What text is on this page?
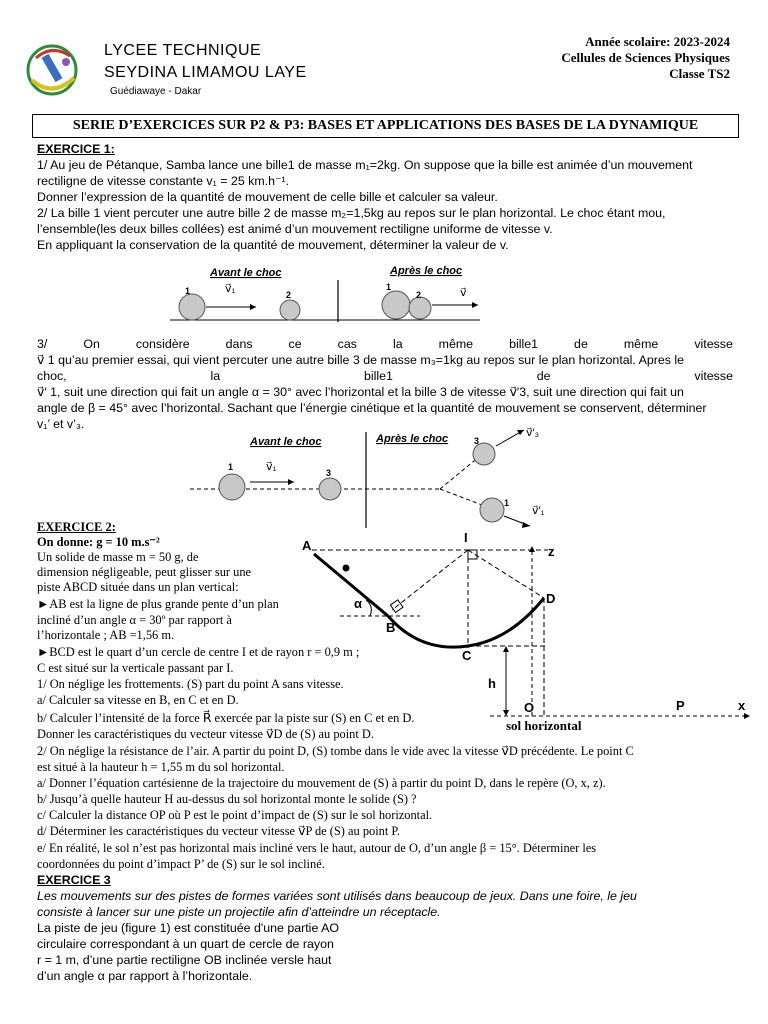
LYCEE TECHNIQUE
SEYDINA LIMAMOU LAYE
Guédiawaye - Dakar
Année scolaire: 2023-2024
Cellules de Sciences Physiques
Classe TS2
SERIE D’EXERCICES SUR P2 & P3: BASES ET APPLICATIONS DES BASES DE LA DYNAMIQUE
EXERCICE 1:
1/ Au jeu de Pétanque, Samba lance une bille1 de masse m₁=2kg. On suppose que la bille est animée d’un mouvement
rectiligne de vitesse constante v₁ = 25 km.h⁻¹.
Donner l’expression de la quantité de mouvement de celle bille et calculer sa valeur.
2/ La bille 1 vient percuter une autre bille 2 de masse m₂=1,5kg au repos sur le plan horizontal. Le choc étant mou,
l’ensemble(les deux billes collées) est animé d’un mouvement rectiligne uniforme de vitesse v.
En appliquant la conservation de la quantité de mouvement, déterminer la valeur de v.
Avant le choc	Après le choc
1	v⃗₁	2
1
2	v⃗
3/	On	considère	dans	ce	cas	la	même	bille1	de	même	vitesse
v⃗ 1 qu’au premier essai, qui vient percuter une autre bille 3 de masse m₃=1kg au repos sur le plan horizontal. Apres le
choc,	la	bille1	de	vitesse
v⃗′ 1, suit une direction qui fait un angle α = 30° avec l’horizontal et la bille 3 de vitesse v⃗′3, suit une direction qui fait un
angle de β = 45° avec l’horizontal. Sachant que l’énergie cinétique et la quantité de mouvement se conservent, déterminer
v₁’ et v’₃.
Avant le choc	Après le choc
1	v⃗₁	3
3
v⃗′₃
1
v⃗′₁
EXERCICE 2:
On donne: g = 10 m.s⁻²
Un solide de masse m = 50 g, de
dimension négligeable, peut glisser sur une
piste ABCD située dans un plan vertical:
►AB est la ligne de plus grande pente d’un plan
incliné d’un angle α = 30º par rapport à
l’horizontale ; AB =1,56 m.
►BCD est le quart d’un cercle de centre I et de rayon r = 0,9 m ;
C est situé sur la verticale passant par I.
1/ On néglige les frottements. (S) part du point A sans vitesse.
a/ Calculer sa vitesse en B, en C et en D.
b/ Calculer l’intensité de la force R⃗ exercée par la piste sur (S) en C et en D.
Donner les caractéristiques du vecteur vitesse v⃗D de (S) au point D.
2/ On néglige la résistance de l’air. A partir du point D, (S) tombe dans le vide avec la vitesse v⃗D précédente. Le point C
est situé à la hauteur h = 1,55 m du sol horizontal.
a/ Donner l’équation cartésienne de la trajectoire du mouvement de (S) à partir du point D, dans le repère (O, x, z).
b/ Jusqu’à quelle hauteur H au-dessus du sol horizontal monte le solide (S) ?
c/ Calculer la distance OP où P est le point d’impact de (S) sur le sol horizontal.
d/ Déterminer les caractéristiques du vecteur vitesse v⃗P de (S) au point P.
e/ En réalité, le sol n’est pas horizontal mais incliné vers le haut, autour de O, d’un angle β = 15°. Déterminer les
coordonnées du point d’impact P’ de (S) sur le sol incliné.
A
I
α
B
C
D
z
x
h
O	P
sol horizontal
EXERCICE 3
Les mouvements sur des pistes de formes variées sont utilisés dans beaucoup de jeux. Dans une foire, le jeu
consiste à lancer sur une piste un projectile afin d’atteindre un réceptacle.
La piste de jeu (figure 1) est constituée d'une partie AO
circulaire correspondant à un quart de cercle de rayon
r = 1 m, d’une partie rectiligne OB inclinée versle haut
d’un angle α par rapport à l’horizontale.
